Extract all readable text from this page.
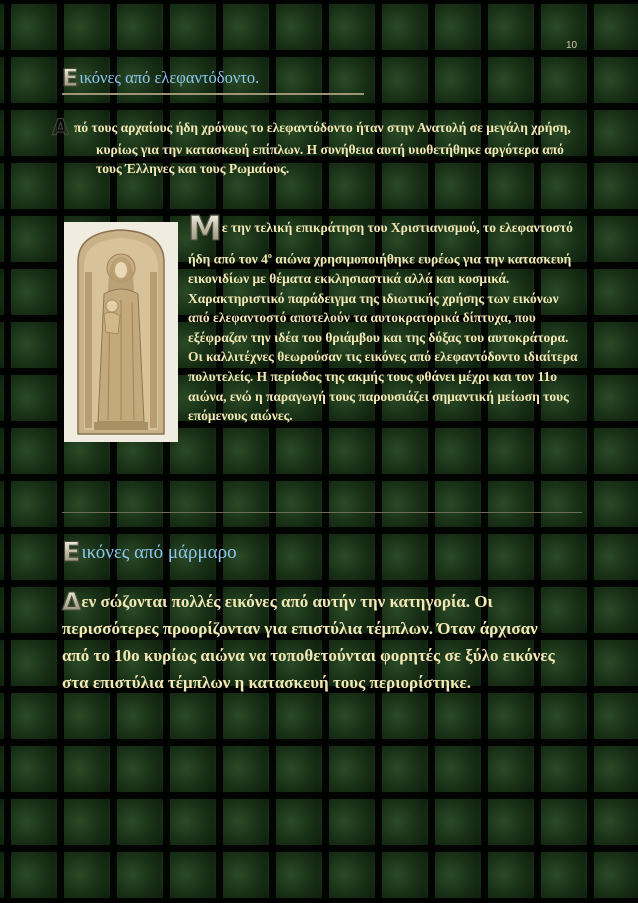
10
Εικόνες από ελεφαντόδοντο.

Α πό τους αρχαίους ήδη χρόνους το ελεφαντόδοντο ήταν στην Ανατολή σε μεγάλη χρήση, κυρίως για την κατασκευή επίπλων. Η συνήθεια αυτή υιοθετήθηκε αργότερα από τους Έλληνες και τους Ρωμαίους.

Με την τελική επικράτηση του Χριστιανισμού, το ελεφαντοστό ήδη από τον $4^o$ αιώνα χρησιμοποιήθηκε ευρέως για την κατασκευή εικονιδίων με θέματα εκκλησιαστικά αλλά και κοσμικά. Χαρακτηριστικό παράδειγμα της ιδιωτικής χρήσης των εικόνων από ελεφαντοστό αποτελούν τα αυτοκρατορικά δίπτυχα, που εξέφραζαν την ιδέα του θριάμβου και της δόξας του αυτοκράτορα. Οι καλλιτέχνες θεωρούσαν τις εικόνες από ελεφαντόδοντο ιδιαίτερα πολυτελείς. Η περίοδος της ακμής τους φθάνει μέχρι και τον 11ο αιώνα, ενώ η παραγωγή τους παρουσιάζει σημαντική μείωση τους επόμενους αιώνες.

Εικόνες από μάρμαρο

Δεν σώζονται πολλές εικόνες από αυτήν την κατηγορία. Οι περισσότερες προορίζονταν για επιστύλια τέμπλων. Όταν άρχισαν από το 10ο κυρίως αιώνα να τοποθετούνται φορητές σε ξύλο εικόνες στα επιστύλια τέμπλων η κατασκευή τους περιορίστηκε.
